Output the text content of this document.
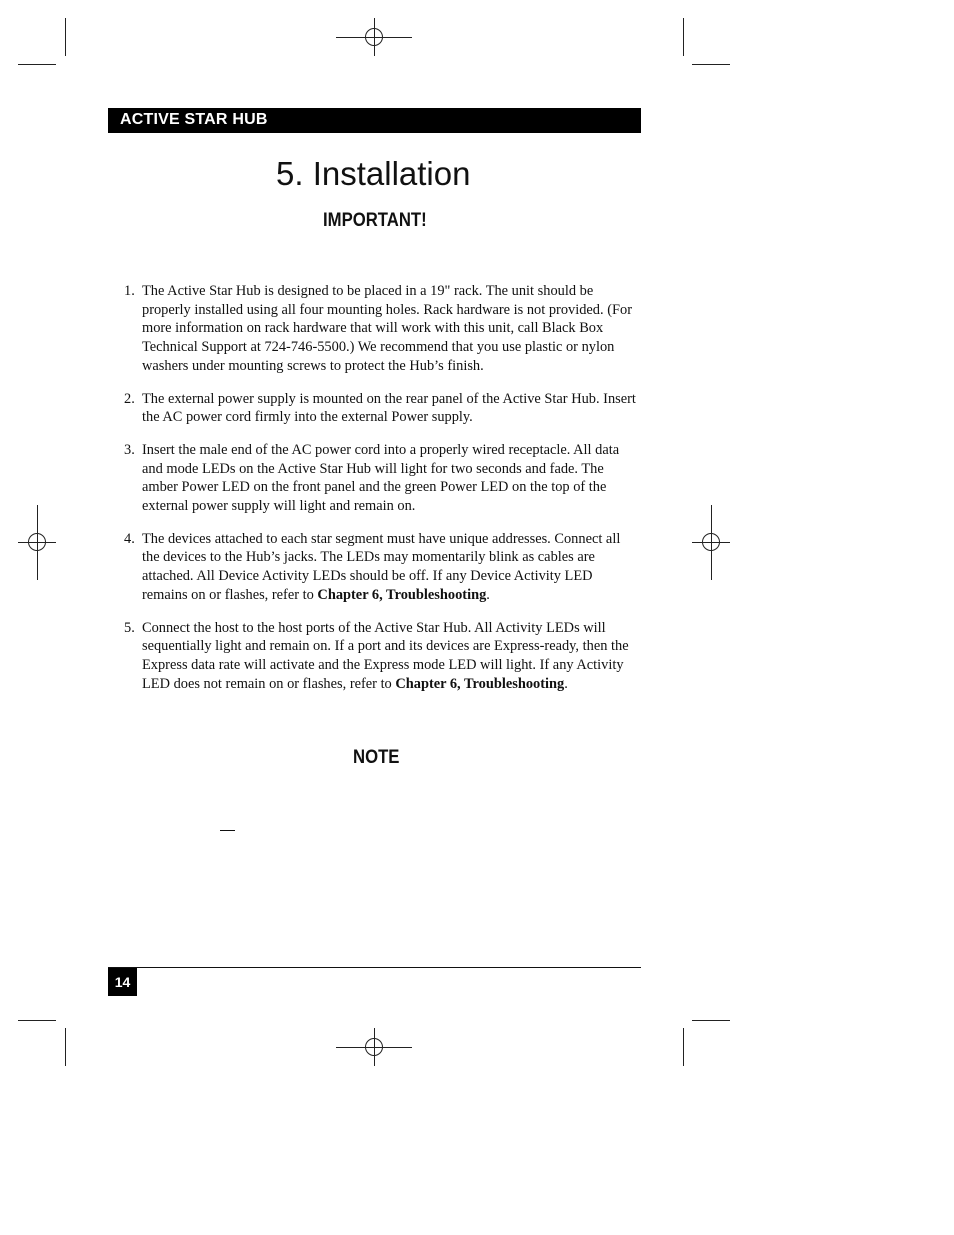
ACTIVE STAR HUB
5. Installation
IMPORTANT!
1. The Active Star Hub is designed to be placed in a 19" rack. The unit should be properly installed using all four mounting holes. Rack hardware is not provided. (For more information on rack hardware that will work with this unit, call Black Box Technical Support at 724-746-5500.) We recommend that you use plastic or nylon washers under mounting screws to protect the Hub’s finish.
2. The external power supply is mounted on the rear panel of the Active Star Hub. Insert the AC power cord firmly into the external Power supply.
3. Insert the male end of the AC power cord into a properly wired receptacle. All data and mode LEDs on the Active Star Hub will light for two seconds and fade. The amber Power LED on the front panel and the green Power LED on the top of the external power supply will light and remain on.
4. The devices attached to each star segment must have unique addresses. Connect all the devices to the Hub’s jacks. The LEDs may momentarily blink as cables are attached. All Device Activity LEDs should be off. If any Device Activity LED remains on or flashes, refer to Chapter 6, Troubleshooting.
5. Connect the host to the host ports of the Active Star Hub. All Activity LEDs will sequentially light and remain on. If a port and its devices are Express-ready, then the Express data rate will activate and the Express mode LED will light. If any Activity LED does not remain on or flashes, refer to Chapter 6, Troubleshooting.
NOTE
14
